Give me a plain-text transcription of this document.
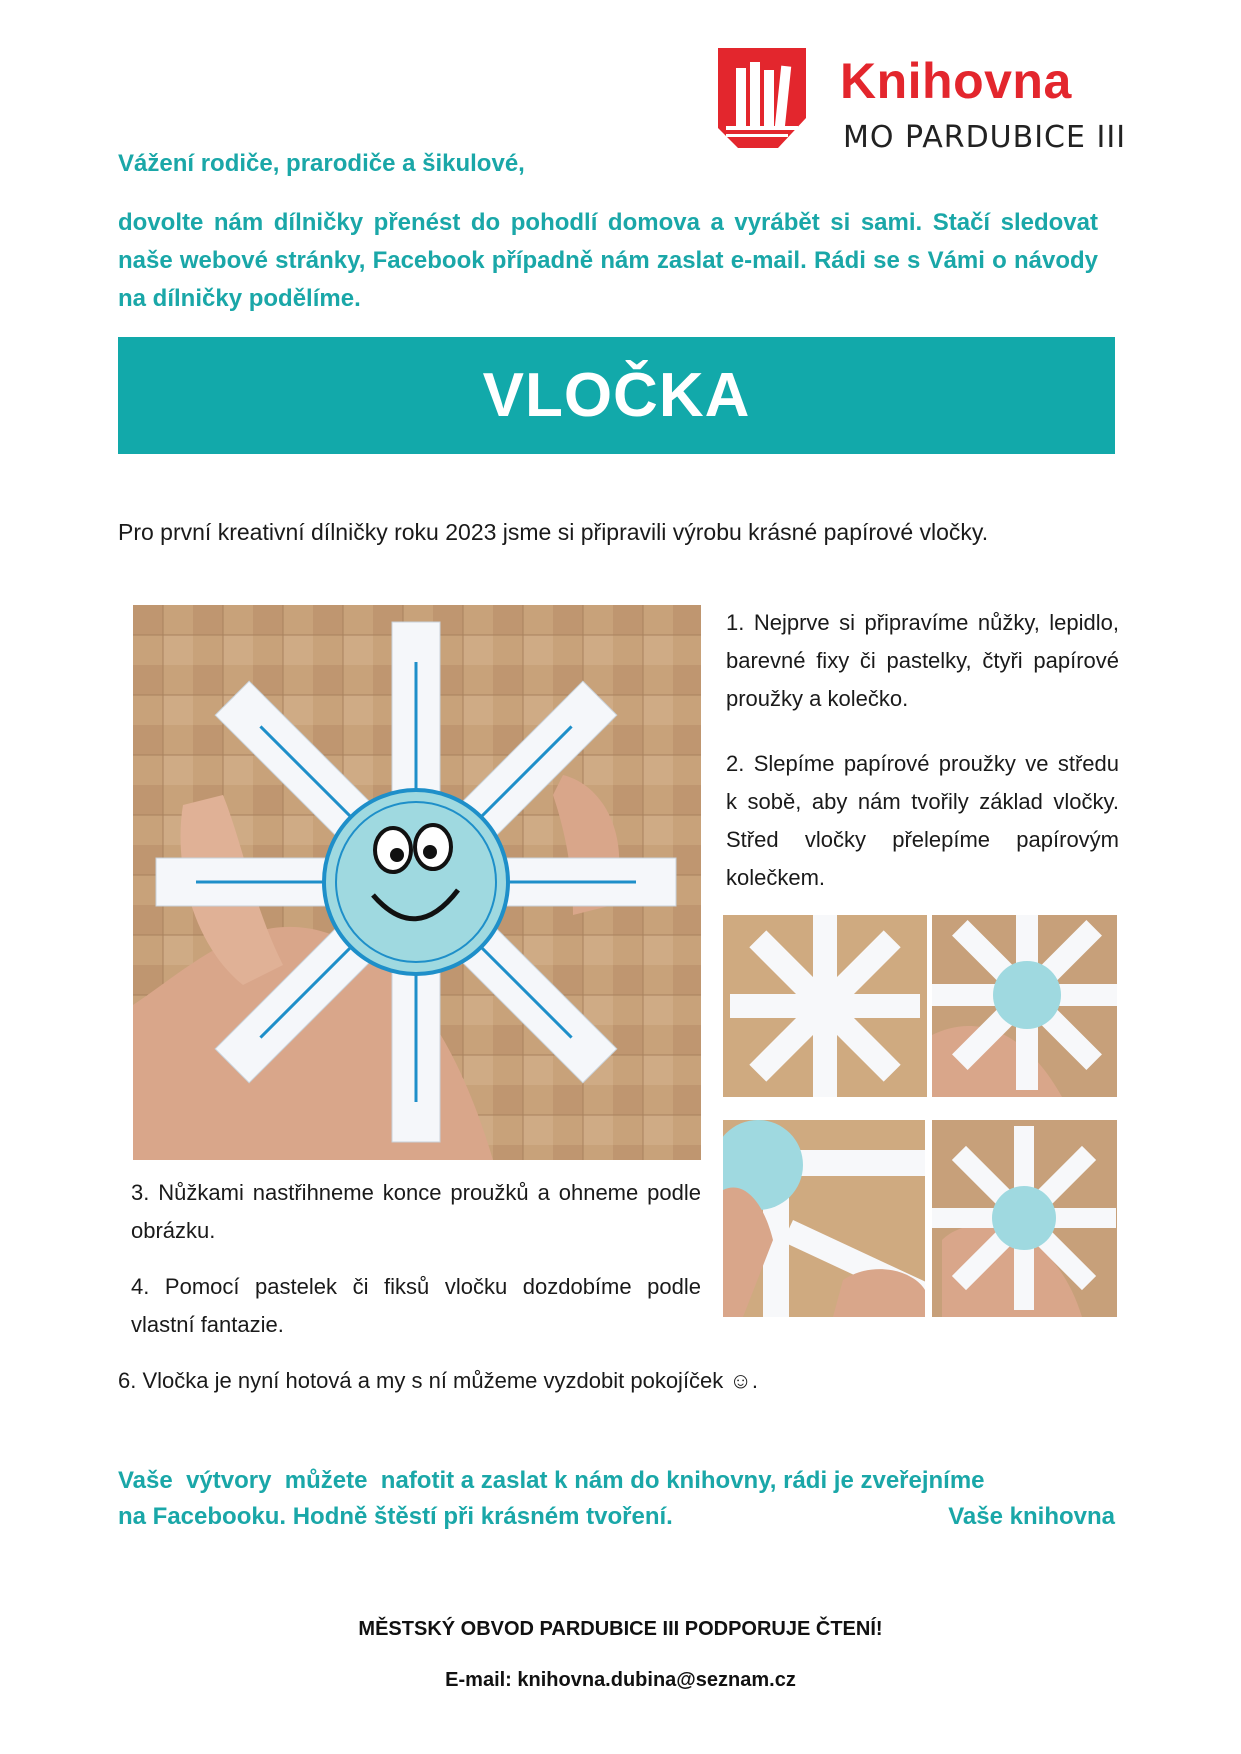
Knihovna
MO PARDUBICE III
Vážení rodiče, prarodiče a šikulové,
dovolte nám dílničky přenést do pohodlí domova a vyrábět si sami. Stačí sledovat naše webové stránky, Facebook případně nám zaslat e-mail. Rádi se s Vámi o návody na dílničky podělíme.
VLOČKA
Pro první kreativní dílničky roku 2023 jsme si připravili výrobu krásné papírové vločky.
1. Nejprve si připravíme nůžky, lepidlo, barevné fixy či pastelky, čtyři papírové proužky a kolečko.
2. Slepíme papírové proužky ve středu k sobě, aby nám tvořily základ vločky. Střed vločky přelepíme papírovým kolečkem.
3. Nůžkami nastřihneme konce proužků a ohneme podle obrázku.
4. Pomocí pastelek či fiksů vločku dozdobíme podle vlastní fantazie.
6. Vločka je nyní hotová a my s ní můžeme vyzdobit pokojíček ☺.
Vaše  výtvory  můžete  nafotit a zaslat k nám do knihovny, rádi je zveřejníme
na Facebooku. Hodně štěstí při krásném tvoření.	Vaše knihovna
MĚSTSKÝ OBVOD PARDUBICE III PODPORUJE ČTENÍ!
E-mail: knihovna.dubina@seznam.cz
